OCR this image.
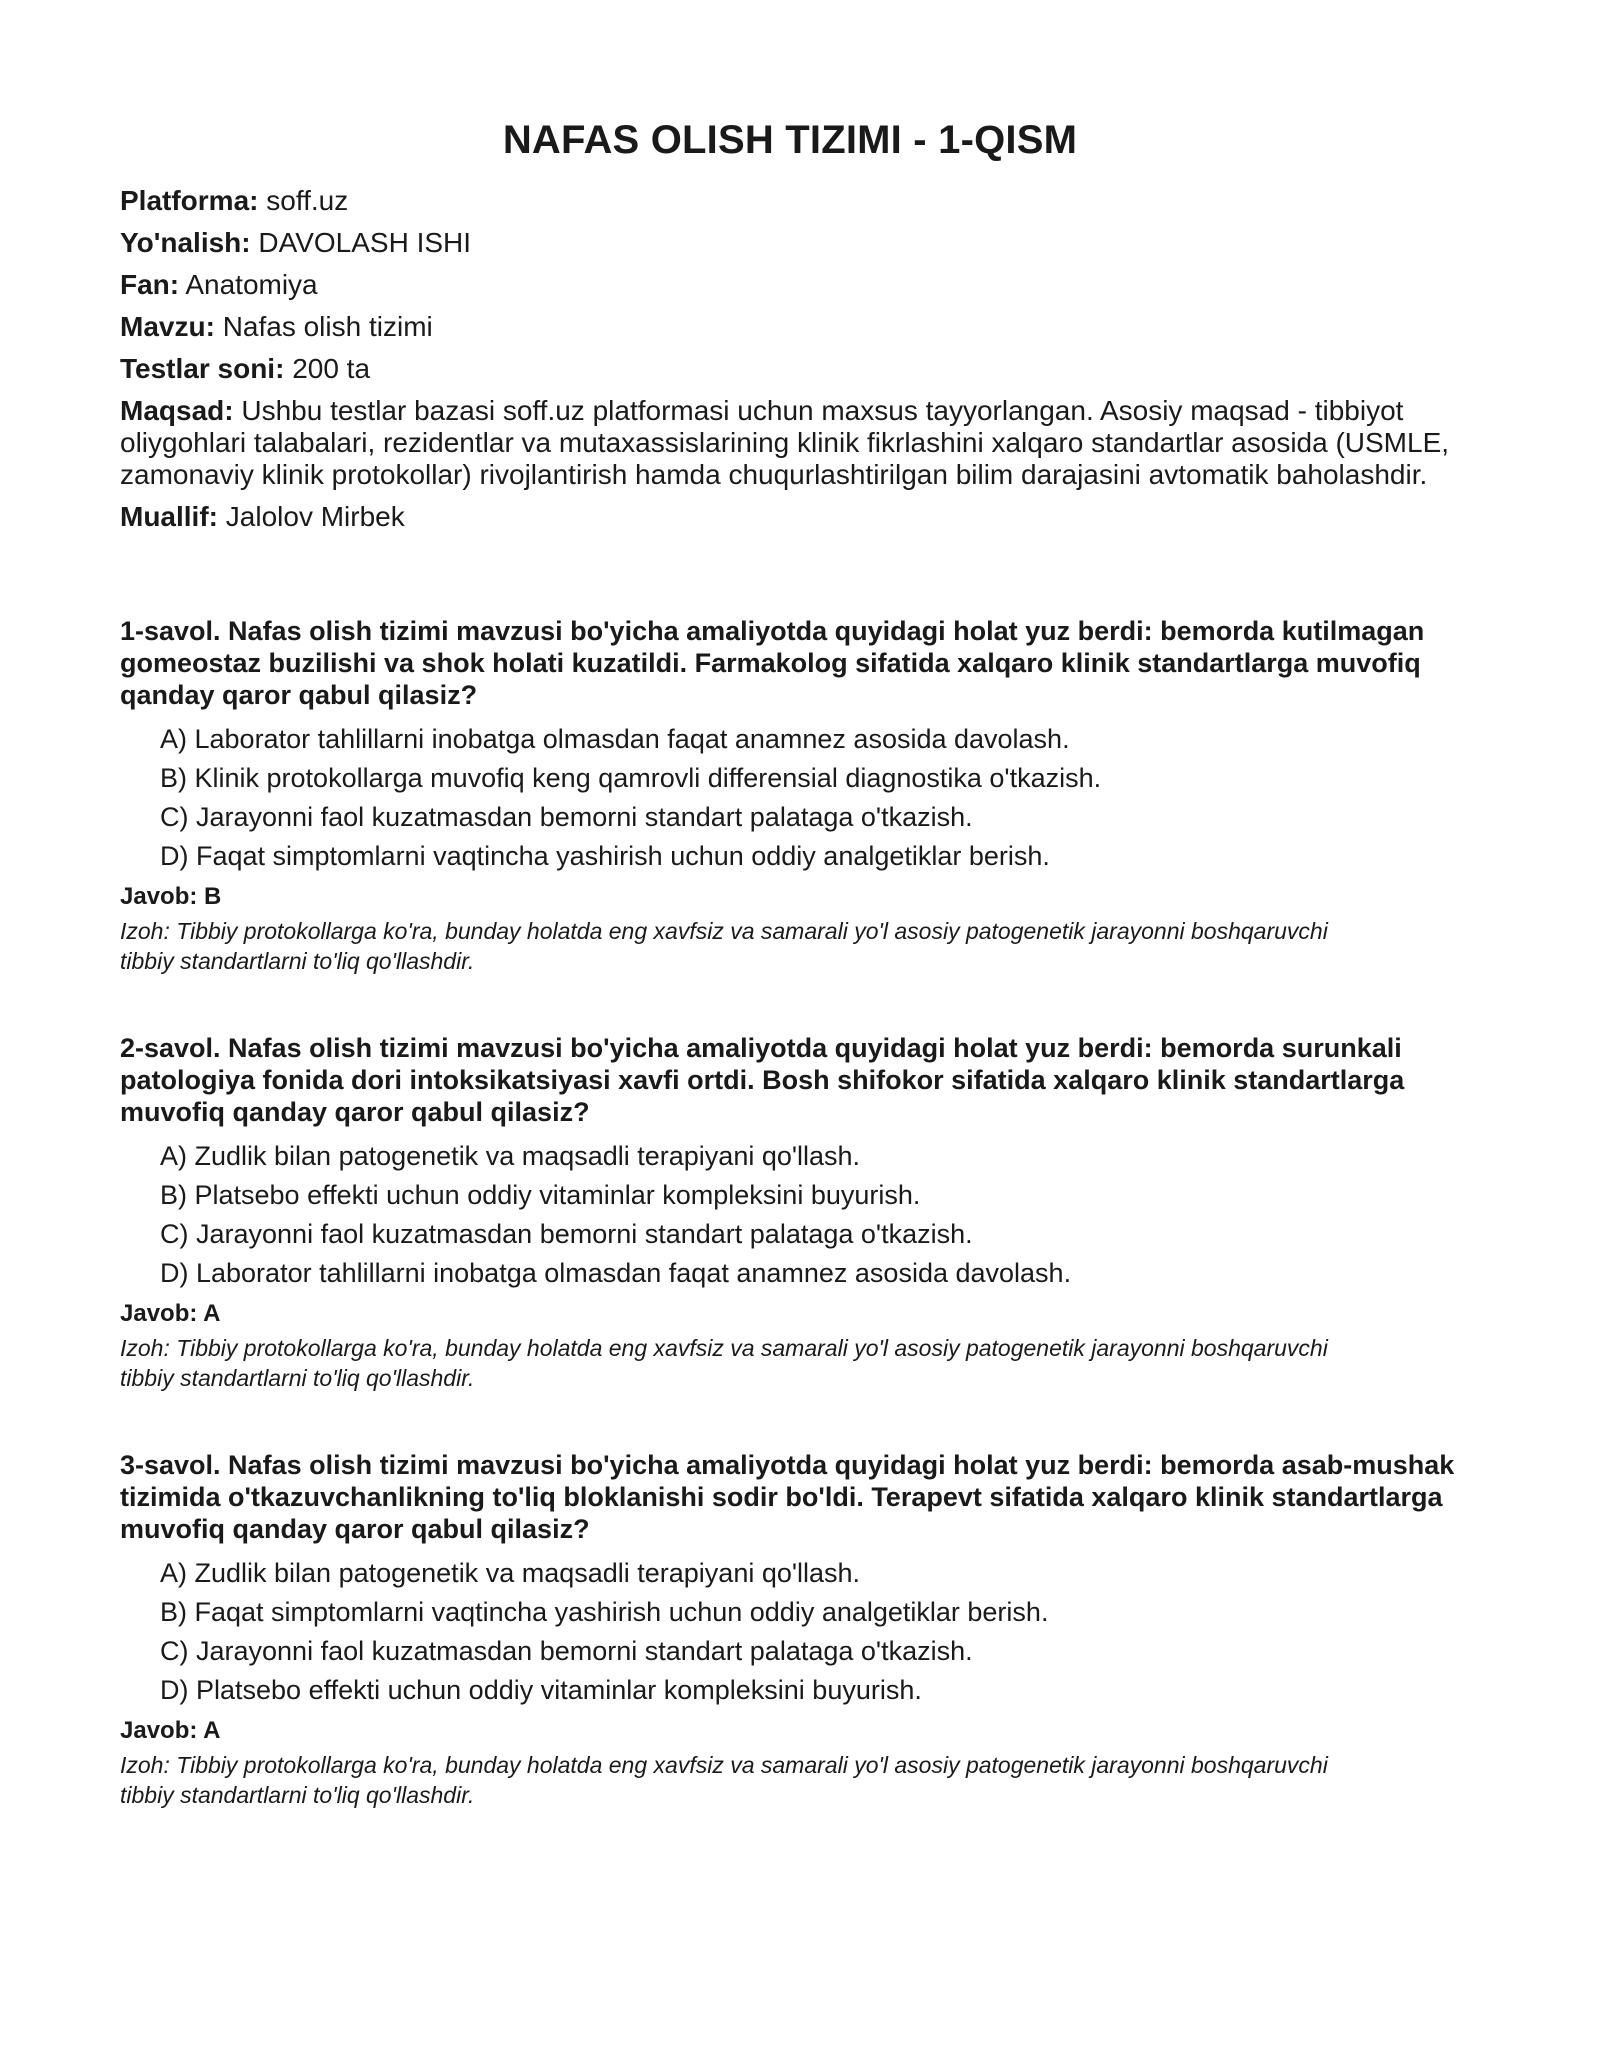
NAFAS OLISH TIZIMI - 1-QISM

Platforma: soff.uz

Yo'nalish: DAVOLASH ISHI

Fan: Anatomiya

Mavzu: Nafas olish tizimi

Testlar soni: 200 ta

Maqsad: Ushbu testlar bazasi soff.uz platformasi uchun maxsus tayyorlangan. Asosiy maqsad - tibbiyot oliygohlari talabalari, rezidentlar va mutaxassislarining klinik fikrlashini xalqaro standartlar asosida (USMLE, zamonaviy klinik protokollar) rivojlantirish hamda chuqurlashtirilgan bilim darajasini avtomatik baholashdir.

Muallif: Jalolov Mirbek

1-savol. Nafas olish tizimi mavzusi bo'yicha amaliyotda quyidagi holat yuz berdi: bemorda kutilmagan gomeostaz buzilishi va shok holati kuzatildi. Farmakolog sifatida xalqaro klinik standartlarga muvofiq qanday qaror qabul qilasiz?

A) Laborator tahlillarni inobatga olmasdan faqat anamnez asosida davolash.

B) Klinik protokollarga muvofiq keng qamrovli differensial diagnostika o'tkazish.

C) Jarayonni faol kuzatmasdan bemorni standart palataga o'tkazish.

D) Faqat simptomlarni vaqtincha yashirish uchun oddiy analgetiklar berish.

Javob: B

Izoh: Tibbiy protokollarga ko'ra, bunday holatda eng xavfsiz va samarali yo'l asosiy patogenetik jarayonni boshqaruvchi tibbiy standartlarni to'liq qo'llashdir.

2-savol. Nafas olish tizimi mavzusi bo'yicha amaliyotda quyidagi holat yuz berdi: bemorda surunkali patologiya fonida dori intoksikatsiyasi xavfi ortdi. Bosh shifokor sifatida xalqaro klinik standartlarga muvofiq qanday qaror qabul qilasiz?

A) Zudlik bilan patogenetik va maqsadli terapiyani qo'llash.

B) Platsebo effekti uchun oddiy vitaminlar kompleksini buyurish.

C) Jarayonni faol kuzatmasdan bemorni standart palataga o'tkazish.

D) Laborator tahlillarni inobatga olmasdan faqat anamnez asosida davolash.

Javob: A

Izoh: Tibbiy protokollarga ko'ra, bunday holatda eng xavfsiz va samarali yo'l asosiy patogenetik jarayonni boshqaruvchi tibbiy standartlarni to'liq qo'llashdir.

3-savol. Nafas olish tizimi mavzusi bo'yicha amaliyotda quyidagi holat yuz berdi: bemorda asab-mushak tizimida o'tkazuvchanlikning to'liq bloklanishi sodir bo'ldi. Terapevt sifatida xalqaro klinik standartlarga muvofiq qanday qaror qabul qilasiz?

A) Zudlik bilan patogenetik va maqsadli terapiyani qo'llash.

B) Faqat simptomlarni vaqtincha yashirish uchun oddiy analgetiklar berish.

C) Jarayonni faol kuzatmasdan bemorni standart palataga o'tkazish.

D) Platsebo effekti uchun oddiy vitaminlar kompleksini buyurish.

Javob: A

Izoh: Tibbiy protokollarga ko'ra, bunday holatda eng xavfsiz va samarali yo'l asosiy patogenetik jarayonni boshqaruvchi tibbiy standartlarni to'liq qo'llashdir.
